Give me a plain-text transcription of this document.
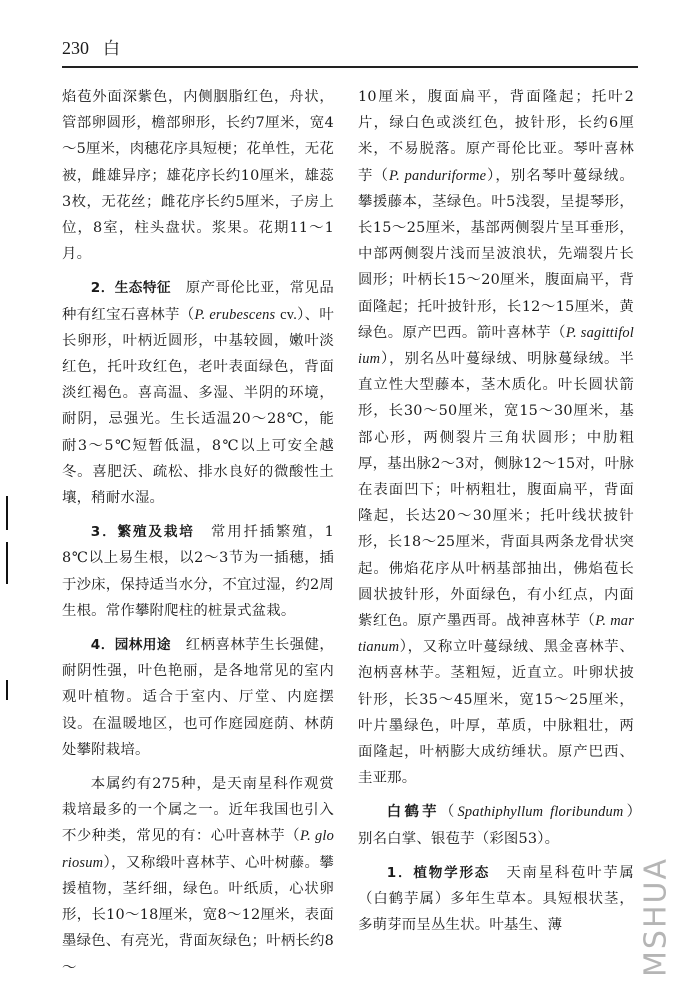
230 白

焰苞外面深紫色，内侧胭脂红色，舟状，管部卵圆形，檐部卵形，长约7厘米，宽4～5厘米，肉穗花序具短梗；花单性，无花被，雌雄异序；雄花序长约10厘米，雄蕊3枚，无花丝；雌花序长约5厘米，子房上位，8室，柱头盘状。浆果。花期11～1月。

2．生态特征　 原产哥伦比亚，常见品种有红宝石喜林芋（P. erubescens cv.）、叶长卵形，叶柄近圆形，中基较圆，嫩叶淡红色，托叶玫红色，老叶表面绿色，背面淡红褐色。喜高温、多湿、半阴的环境，耐阴，忌强光。生长适温20～28℃，能耐3～5℃短暂低温，8℃以上可安全越冬。喜肥沃、疏松、排水良好的微酸性土壤，稍耐水湿。

3．繁殖及栽培　 常用扦插繁殖，18℃以上易生根，以2～3节为一插穗，插于沙床，保持适当水分，不宜过湿，约2周生根。常作攀附爬柱的桩景式盆栽。

4．园林用途　 红柄喜林芋生长强健，耐阴性强，叶色艳丽，是各地常见的室内观叶植物。适合于室内、厅堂、内庭摆设。在温暖地区，也可作庭园庭荫、林荫处攀附栽培。

本属约有275种，是天南星科作观赏栽培最多的一个属之一。近年我国也引入不少种类，常见的有：心叶喜林芋（P. gloriosum），又称缎叶喜林芋、心叶树藤。攀援植物，茎纤细，绿色。叶纸质，心状卵形，长10～18厘米，宽8～12厘米，表面墨绿色、有亮光，背面灰绿色；叶柄长约8～

10厘米，腹面扁平，背面隆起；托叶2片，绿白色或淡红色，披针形，长约6厘米，不易脱落。原产哥伦比亚。琴叶喜林芋（P. panduriforme），别名琴叶蔓绿绒。攀援藤本，茎绿色。叶5浅裂，呈提琴形，长15～25厘米，基部两侧裂片呈耳垂形，中部两侧裂片浅而呈波浪状，先端裂片长圆形；叶柄长15～20厘米，腹面扁平，背面隆起；托叶披针形，长12～15厘米，黄绿色。原产巴西。箭叶喜林芋（P. sagittifolium），别名丛叶蔓绿绒、明脉蔓绿绒。半直立性大型藤本，茎木质化。叶长圆状箭形，长30～50厘米，宽15～30厘米，基部心形，两侧裂片三角状圆形；中肋粗厚，基出脉2～3对，侧脉12～15对，叶脉在表面凹下；叶柄粗壮，腹面扁平，背面隆起，长达20～30厘米；托叶线状披针形，长18～25厘米，背面具两条龙骨状突起。佛焰花序从叶柄基部抽出，佛焰苞长圆状披针形，外面绿色，有小红点，内面紫红色。原产墨西哥。战神喜林芋（P. martianum），又称立叶蔓绿绒、黑金喜林芋、泡柄喜林芋。茎粗短，近直立。叶卵状披针形，长35～45厘米，宽15～25厘米，叶片墨绿色，叶厚，革质，中脉粗壮，两面隆起，叶柄膨大成纺缍状。原产巴西、圭亚那。

白鹤芋（Spathiphyllum floribundum）　别名白掌、银苞芋（彩图53）。

1．植物学形态　 天南星科苞叶芋属（白鹤芋属）多年生草本。具短根状茎，多萌芽而呈丛生状。叶基生、薄	MSHUA
